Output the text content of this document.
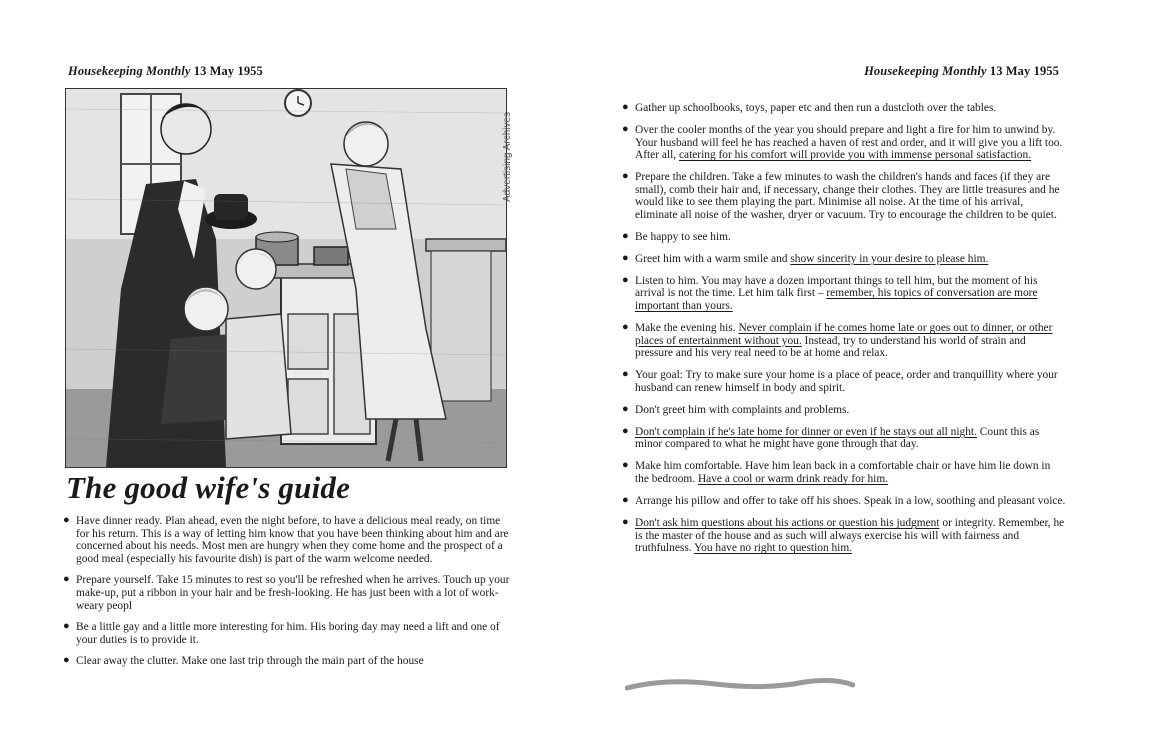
Housekeeping Monthly 13 May 1955
Advertising Archives
The good wife's guide
● Have dinner ready. Plan ahead, even the night before, to have a delicious meal ready, on time for his return. This is a way of letting him know that you have been thinking about him and are concerned about his needs. Most men are hungry when they come home and the prospect of a good meal (especially his favourite dish) is part of the warm welcome needed.
● Prepare yourself. Take 15 minutes to rest so you'll be refreshed when he arrives. Touch up your make-up, put a ribbon in your hair and be fresh-looking. He has just been with a lot of work-weary peopl
● Be a little gay and a little more interesting for him. His boring day may need a lift and one of your duties is to provide it.
● Clear away the clutter. Make one last trip through the main part of the house
Housekeeping Monthly 13 May 1955
● Gather up schoolbooks, toys, paper etc and then run a dustcloth over the tables.
● Over the cooler months of the year you should prepare and light a fire for him to unwind by. Your husband will feel he has reached a haven of rest and order, and it will give you a lift too. After all, catering for his comfort will provide you with immense personal satisfaction.
● Prepare the children. Take a few minutes to wash the children's hands and faces (if they are small), comb their hair and, if necessary, change their clothes. They are little treasures and he would like to see them playing the part. Minimise all noise. At the time of his arrival, eliminate all noise of the washer, dryer or vacuum. Try to encourage the children to be quiet.
● Be happy to see him.
● Greet him with a warm smile and show sincerity in your desire to please him.
● Listen to him. You may have a dozen important things to tell him, but the moment of his arrival is not the time. Let him talk first – remember, his topics of conversation are more important than yours.
● Make the evening his. Never complain if he comes home late or goes out to dinner, or other places of entertainment without you. Instead, try to understand his world of strain and pressure and his very real need to be at home and relax.
● Your goal: Try to make sure your home is a place of peace, order and tranquillity where your husband can renew himself in body and spirit.
● Don't greet him with complaints and problems.
● Don't complain if he's late home for dinner or even if he stays out all night. Count this as minor compared to what he might have gone through that day.
● Make him comfortable. Have him lean back in a comfortable chair or have him lie down in the bedroom. Have a cool or warm drink ready for him.
● Arrange his pillow and offer to take off his shoes. Speak in a low, soothing and pleasant voice.
● Don't ask him questions about his actions or question his judgment or integrity. Remember, he is the master of the house and as such will always exercise his will with fairness and truthfulness. You have no right to question him.
